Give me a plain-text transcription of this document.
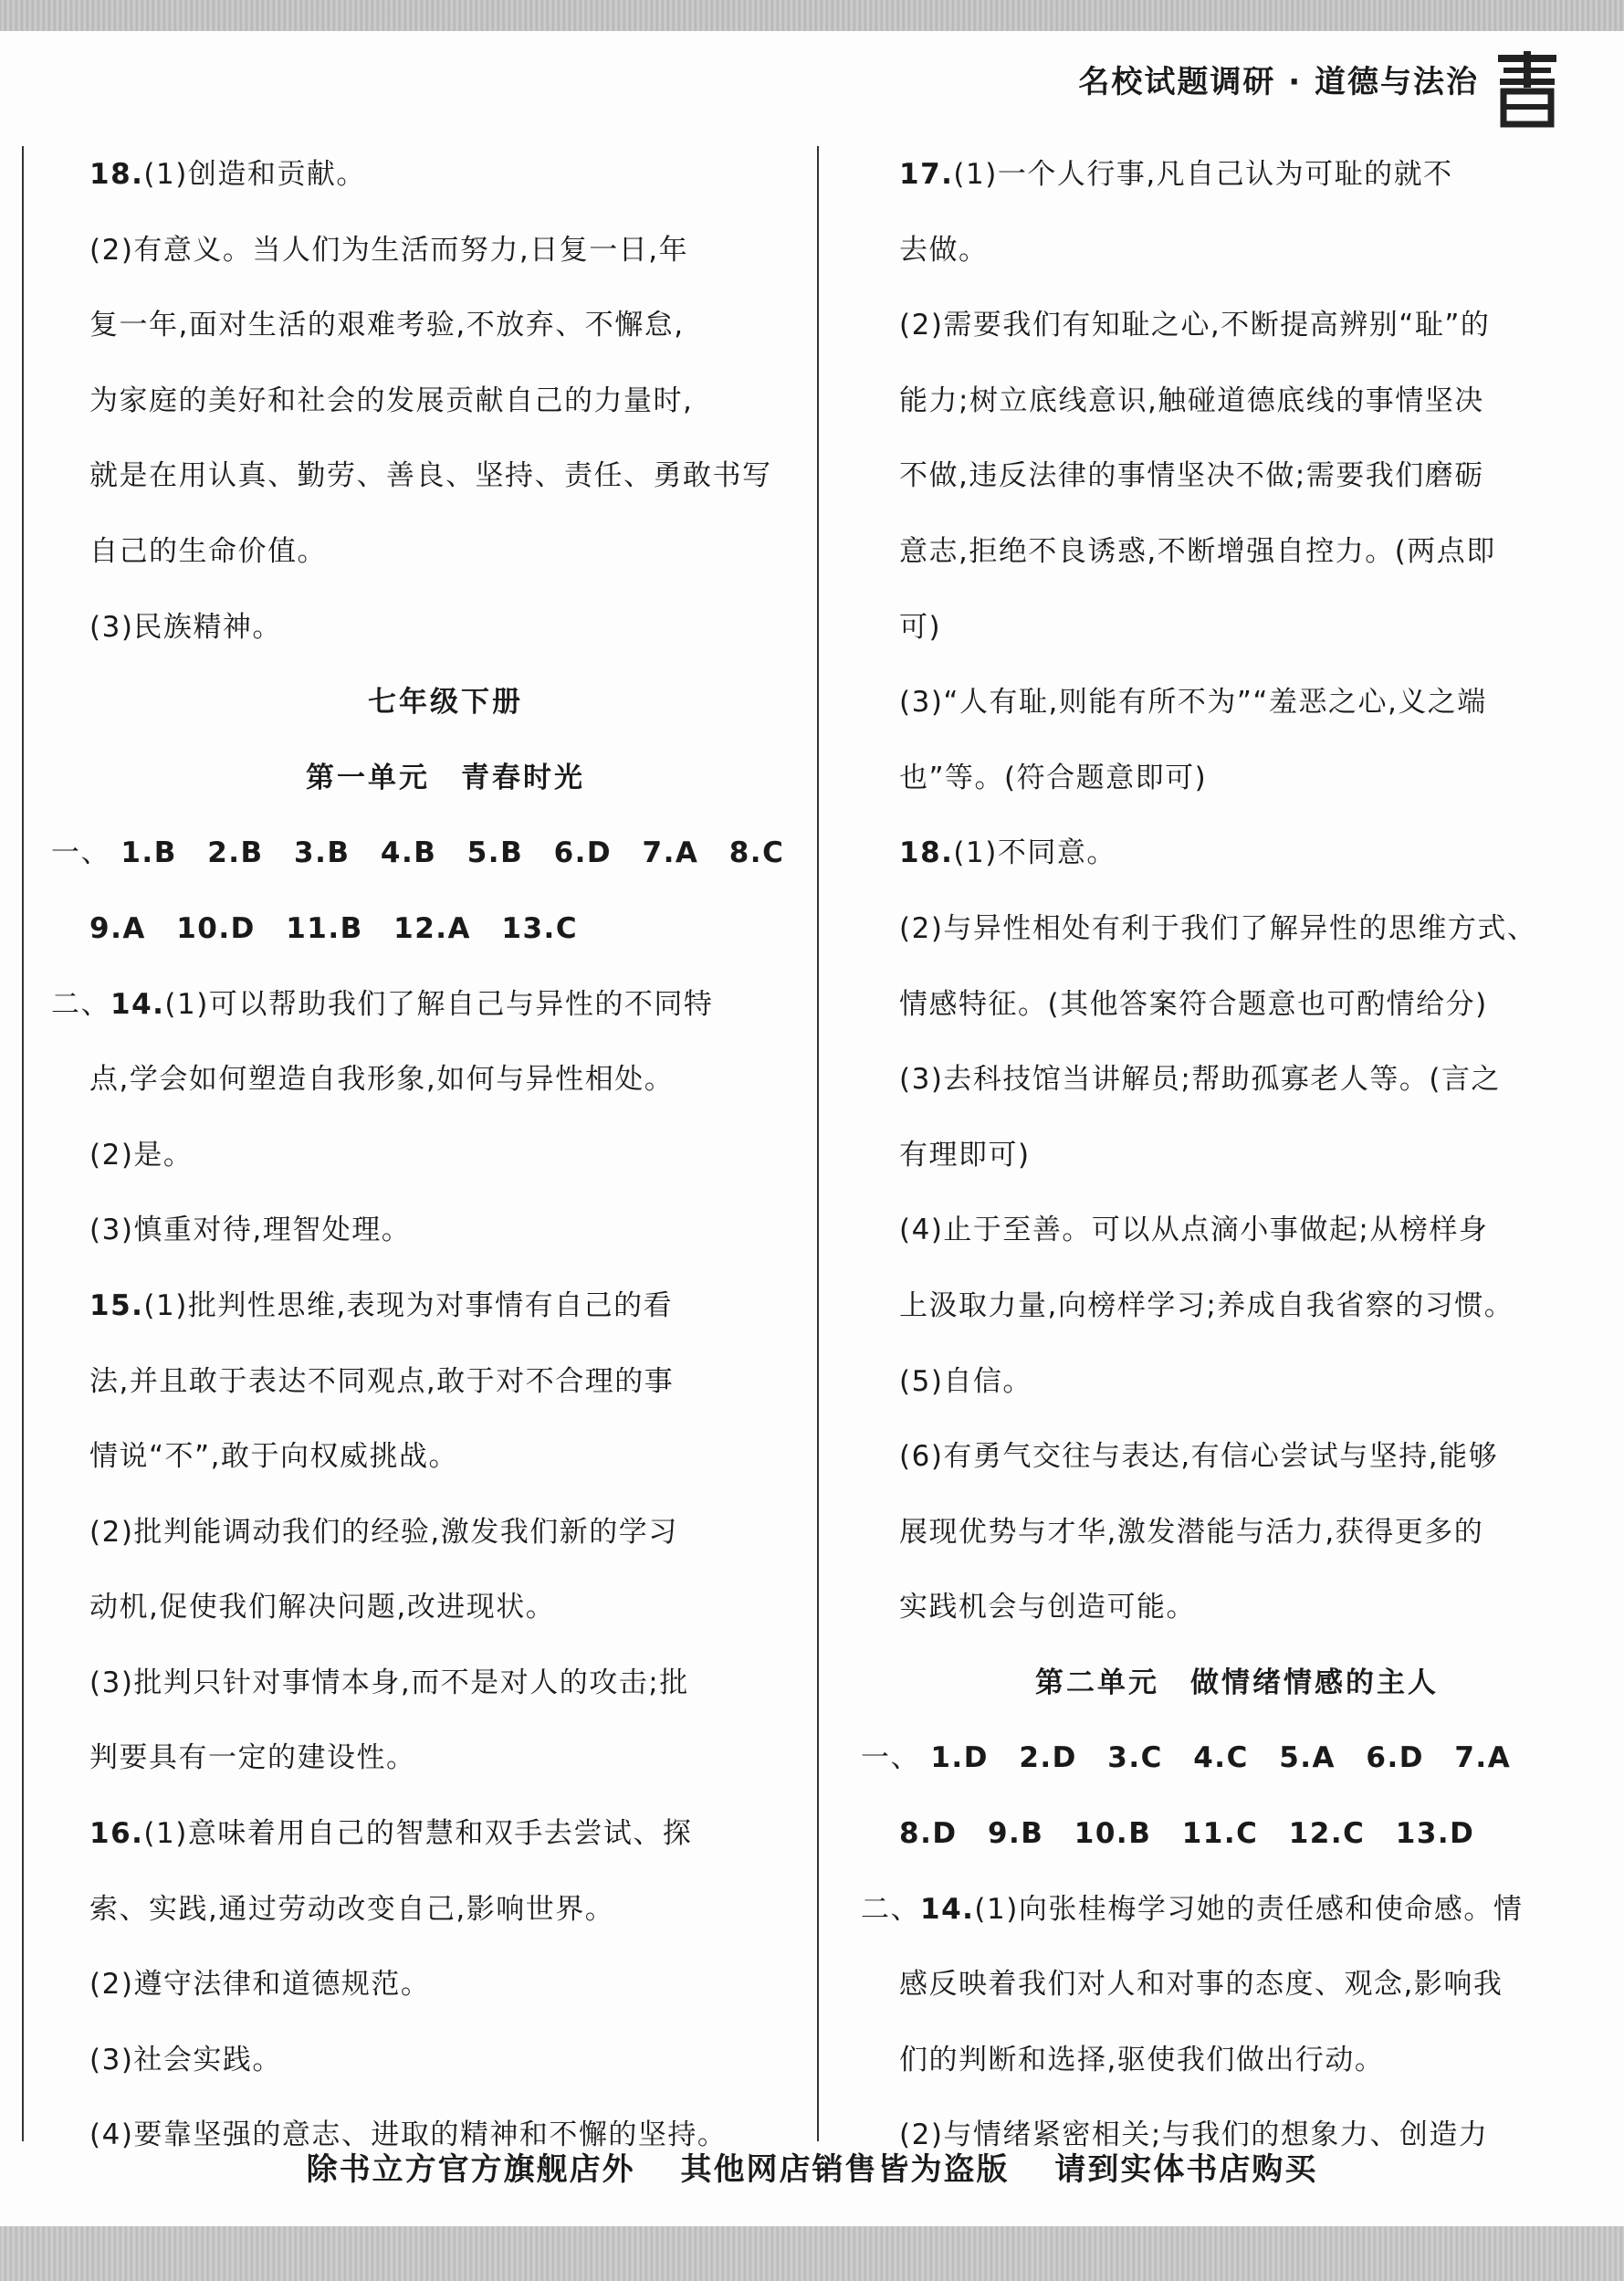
名校试题调研 · 道德与法治
18.(1)创造和贡献。
(2)有意义。当人们为生活而努力,日复一日,年
复一年,面对生活的艰难考验,不放弃、不懈怠,
为家庭的美好和社会的发展贡献自己的力量时,
就是在用认真、勤劳、善良、坚持、责任、勇敢书写
自己的生命价值。
(3)民族精神。
七年级下册
第一单元　青春时光
一、 1.B 2.B 3.B 4.B 5.B 6.D 7.A 8.C
9.A 10.D 11.B 12.A 13.C
二、14.(1)可以帮助我们了解自己与异性的不同特
点,学会如何塑造自我形象,如何与异性相处。
(2)是。
(3)慎重对待,理智处理。
15.(1)批判性思维,表现为对事情有自己的看
法,并且敢于表达不同观点,敢于对不合理的事
情说“不”,敢于向权威挑战。
(2)批判能调动我们的经验,激发我们新的学习
动机,促使我们解决问题,改进现状。
(3)批判只针对事情本身,而不是对人的攻击;批
判要具有一定的建设性。
16.(1)意味着用自己的智慧和双手去尝试、探
索、实践,通过劳动改变自己,影响世界。
(2)遵守法律和道德规范。
(3)社会实践。
(4)要靠坚强的意志、进取的精神和不懈的坚持。
17.(1)一个人行事,凡自己认为可耻的就不
去做。
(2)需要我们有知耻之心,不断提高辨别“耻”的
能力;树立底线意识,触碰道德底线的事情坚决
不做,违反法律的事情坚决不做;需要我们磨砺
意志,拒绝不良诱惑,不断增强自控力。(两点即
可)
(3)“人有耻,则能有所不为”“羞恶之心,义之端
也”等。(符合题意即可)
18.(1)不同意。
(2)与异性相处有利于我们了解异性的思维方式、
情感特征。(其他答案符合题意也可酌情给分)
(3)去科技馆当讲解员;帮助孤寡老人等。(言之
有理即可)
(4)止于至善。可以从点滴小事做起;从榜样身
上汲取力量,向榜样学习;养成自我省察的习惯。
(5)自信。
(6)有勇气交往与表达,有信心尝试与坚持,能够
展现优势与才华,激发潜能与活力,获得更多的
实践机会与创造可能。
第二单元　做情绪情感的主人
一、 1.D 2.D 3.C 4.C 5.A 6.D 7.A
8.D 9.B 10.B 11.C 12.C 13.D
二、14.(1)向张桂梅学习她的责任感和使命感。情
感反映着我们对人和对事的态度、观念,影响我
们的判断和选择,驱使我们做出行动。
(2)与情绪紧密相关;与我们的想象力、创造力
除书立方官方旗舰店外 其他网店销售皆为盗版 请到实体书店购买
